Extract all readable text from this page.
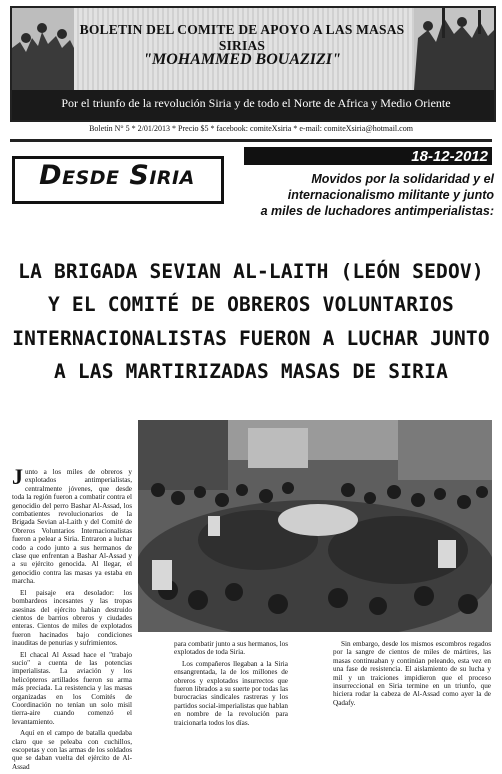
BOLETIN DEL COMITE DE APOYO A LAS MASAS SIRIAS
"MOHAMMED BOUAZIZI"
Por el triunfo de la revolución Siria y de todo el Norte de Africa y Medio Oriente
Boletín N° 5 * 2/01/2013 * Precio $5 * facebook: comiteXsiria * e-mail: comiteXsiria@hotmail.com
18-12-2012
Desde Siria	Movidos por la solidaridad y el
internacionalismo militante y junto
a miles de luchadores antimperialistas:
LA BRIGADA SEVIAN AL-LAITH (LEÓN SEDOV)
Y EL COMITÉ DE OBREROS VOLUNTARIOS
INTERNACIONALISTAS FUERON A LUCHAR JUNTO
A LAS MARTIRIZADAS MASAS DE SIRIA

Junto a los miles de obreros y explotados antimperialistas, centralmente jóvenes, que desde toda la región fueron a combatir contra el genocidio del perro Bashar Al-Assad, los combatientes revolucionarios de la Brigada Sevian al-Laith y del Comité de Obreros Voluntarios Internacionalistas fueron a pelear a Siria. Entraron a luchar codo a codo junto a sus hermanos de clase que enfrentan a Bashar Al-Assad y a su ejército genocida. Al llegar, el genocidio contra las masas ya estaba en marcha.

El paisaje era desolador: los bombardeos incesantes y las tropas asesinas del ejército habían destruido cientos de barrios obreros y ciudades enteras. Cientos de miles de explotados fueron hacinados bajo condiciones inauditas de penurias y sufrimientos.

El chacal Al Assad hace el "trabajo sucio" a cuenta de las potencias imperialistas. La aviación y los helicópteros artillados fueron su arma más preciada. La resistencia y las masas organizadas en los Comités de Coordinación no tenían un solo misil tierra-aire cuando comenzó el levantamiento.

Aquí en el campo de batalla quedaba claro que se peleaba con cuchillos, escopetas y con las armas de los soldados que se daban vuelta del ejército de Al-Assad

para combatir junto a sus hermanos, los explotados de toda Siria.

Los compañeros llegaban a la Siria ensangrentada, la de los millones de obreros y explotados insurrectos que fueron librados a su suerte por todas las burocracias sindicales rastreras y los partidos social-imperialistas que hablan en nombre de la revolución para traicionarla todos los días.

Sin embargo, desde los mismos escombros regados por la sangre de cientos de miles de mártires, las masas continuaban y continúan peleando, esta vez en una fase de resistencia. El aislamiento de su lucha y mil y un traiciones impidieron que el proceso insurreccional en Siria termine en un triunfo, que hiciera rodar la cabeza de Al-Assad como ayer la de Qadafy.
